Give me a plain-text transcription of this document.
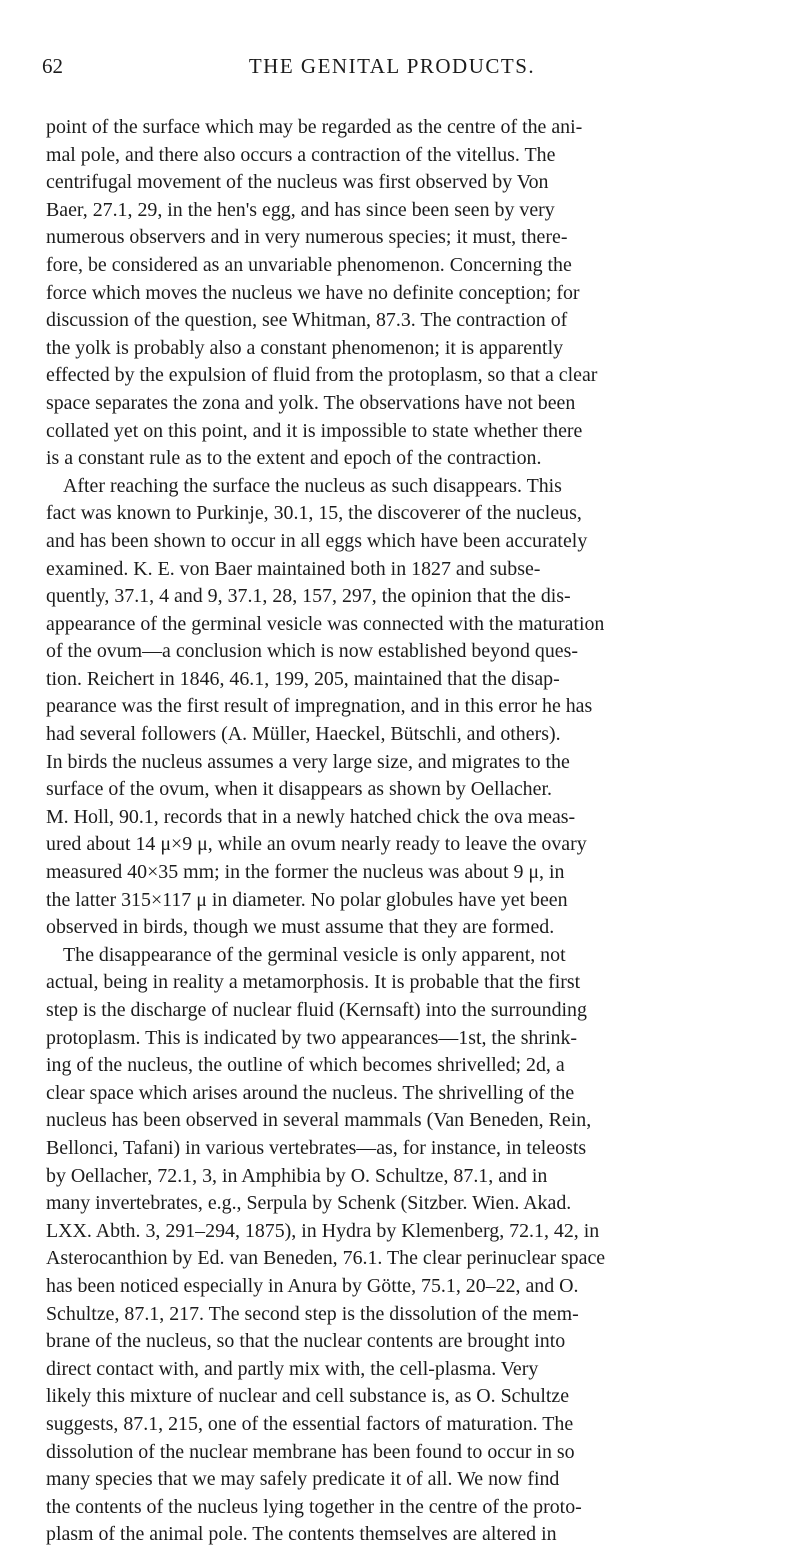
62	THE GENITAL PRODUCTS.
point of the surface which may be regarded as the centre of the ani-
mal pole, and there also occurs a contraction of the vitellus. The
centrifugal movement of the nucleus was first observed by Von
Baer, 27.1, 29, in the hen's egg, and has since been seen by very
numerous observers and in very numerous species; it must, there-
fore, be considered as an unvariable phenomenon. Concerning the
force which moves the nucleus we have no definite conception; for
discussion of the question, see Whitman, 87.3. The contraction of
the yolk is probably also a constant phenomenon; it is apparently
effected by the expulsion of fluid from the protoplasm, so that a clear
space separates the zona and yolk. The observations have not been
collated yet on this point, and it is impossible to state whether there
is a constant rule as to the extent and epoch of the contraction.
After reaching the surface the nucleus as such disappears. This
fact was known to Purkinje, 30.1, 15, the discoverer of the nucleus,
and has been shown to occur in all eggs which have been accurately
examined. K. E. von Baer maintained both in 1827 and subse-
quently, 37.1, 4 and 9, 37.1, 28, 157, 297, the opinion that the dis-
appearance of the germinal vesicle was connected with the maturation
of the ovum—a conclusion which is now established beyond ques-
tion. Reichert in 1846, 46.1, 199, 205, maintained that the disap-
pearance was the first result of impregnation, and in this error he has
had several followers (A. Müller, Haeckel, Bütschli, and others).
In birds the nucleus assumes a very large size, and migrates to the
surface of the ovum, when it disappears as shown by Oellacher.
M. Holl, 90.1, records that in a newly hatched chick the ova meas-
ured about 14 μ×9 μ, while an ovum nearly ready to leave the ovary
measured 40×35 mm; in the former the nucleus was about 9 μ, in
the latter 315×117 μ in diameter. No polar globules have yet been
observed in birds, though we must assume that they are formed.
The disappearance of the germinal vesicle is only apparent, not
actual, being in reality a metamorphosis. It is probable that the first
step is the discharge of nuclear fluid (Kernsaft) into the surrounding
protoplasm. This is indicated by two appearances—1st, the shrink-
ing of the nucleus, the outline of which becomes shrivelled; 2d, a
clear space which arises around the nucleus. The shrivelling of the
nucleus has been observed in several mammals (Van Beneden, Rein,
Bellonci, Tafani) in various vertebrates—as, for instance, in teleosts
by Oellacher, 72.1, 3, in Amphibia by O. Schultze, 87.1, and in
many invertebrates, e.g., Serpula by Schenk (Sitzber. Wien. Akad.
LXX. Abth. 3, 291–294, 1875), in Hydra by Klemenberg, 72.1, 42, in
Asterocanthion by Ed. van Beneden, 76.1. The clear perinuclear space
has been noticed especially in Anura by Götte, 75.1, 20–22, and O.
Schultze, 87.1, 217. The second step is the dissolution of the mem-
brane of the nucleus, so that the nuclear contents are brought into
direct contact with, and partly mix with, the cell-plasma. Very
likely this mixture of nuclear and cell substance is, as O. Schultze
suggests, 87.1, 215, one of the essential factors of maturation. The
dissolution of the nuclear membrane has been found to occur in so
many species that we may safely predicate it of all. We now find
the contents of the nucleus lying together in the centre of the proto-
plasm of the animal pole. The contents themselves are altered in
